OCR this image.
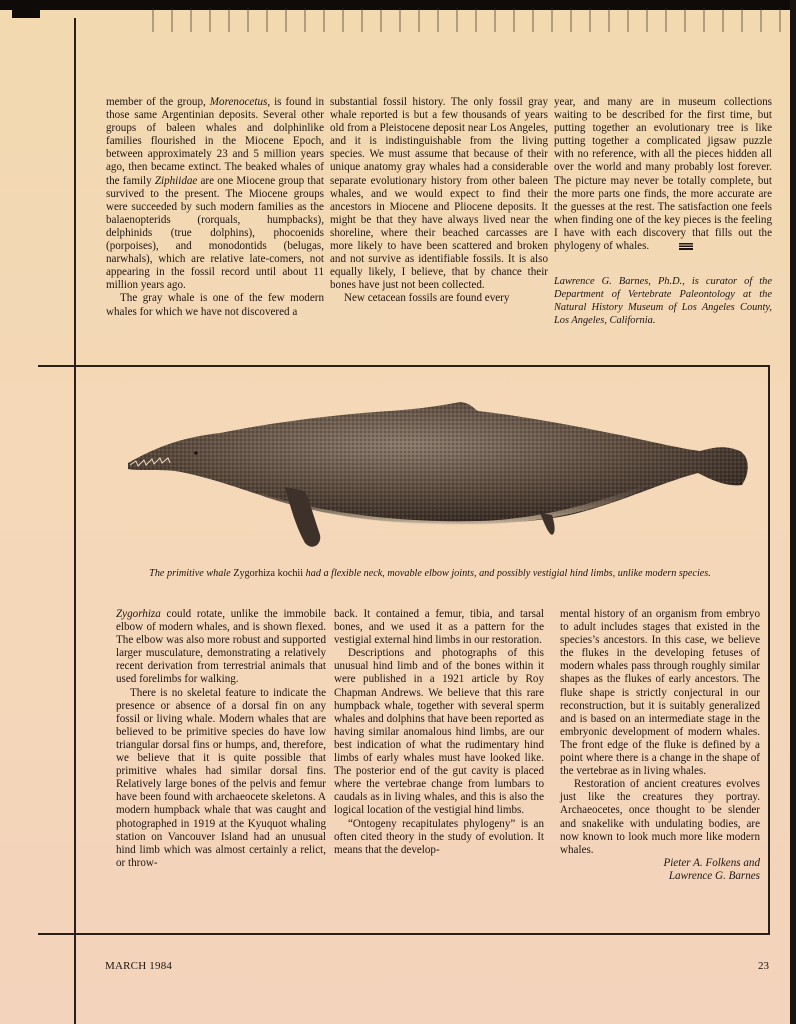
member of the group, Morenocetus, is found in those same Argentinian deposits. Several other groups of baleen whales and dolphinlike families flourished in the Miocene Epoch, between approximately 23 and 5 million years ago, then became extinct. The beaked whales of the family Ziphiidae are one Miocene group that survived to the present. The Miocene groups were succeeded by such modern families as the balaenopterids (rorquals, humpbacks), delphinids (true dolphins), phocoenids (porpoises), and monodontids (belugas, narwhals), which are relative late-comers, not appearing in the fossil record until about 11 million years ago.

The gray whale is one of the few modern whales for which we have not discovered a

substantial fossil history. The only fossil gray whale reported is but a few thousands of years old from a Pleistocene deposit near Los Angeles, and it is indistinguishable from the living species. We must assume that because of their unique anatomy gray whales had a considerable separate evolutionary history from other baleen whales, and we would expect to find their ancestors in Miocene and Pliocene deposits. It might be that they have always lived near the shoreline, where their beached carcasses are more likely to have been scattered and broken and not survive as identifiable fossils. It is also equally likely, I believe, that by chance their bones have just not been collected.

New cetacean fossils are found every

year, and many are in museum collections waiting to be described for the first time, but putting together an evolutionary tree is like putting together a complicated jigsaw puzzle with no reference, with all the pieces hidden all over the world and many probably lost forever. The picture may never be totally complete, but the more parts one finds, the more accurate are the guesses at the rest. The satisfaction one feels when finding one of the key pieces is the feeling I have with each discovery that fills out the phylogeny of whales.

Lawrence G. Barnes, Ph.D., is curator of the Department of Vertebrate Paleontology at the Natural History Museum of Los Angeles County, Los Angeles, California.
The primitive whale Zygorhiza kochii had a flexible neck, movable elbow joints, and possibly vestigial hind limbs, unlike modern species.

Zygorhiza could rotate, unlike the immobile elbow of modern whales, and is shown flexed. The elbow was also more robust and supported larger musculature, demonstrating a relatively recent derivation from terrestrial animals that used forelimbs for walking.

There is no skeletal feature to indicate the presence or absence of a dorsal fin on any fossil or living whale. Modern whales that are believed to be primitive species do have low triangular dorsal fins or humps, and, therefore, we believe that it is quite possible that primitive whales had similar dorsal fins. Relatively large bones of the pelvis and femur have been found with archaeocete skeletons. A modern humpback whale that was caught and photographed in 1919 at the Kyuquot whaling station on Vancouver Island had an unusual hind limb which was almost certainly a relict, or throw-

back. It contained a femur, tibia, and tarsal bones, and we used it as a pattern for the vestigial external hind limbs in our restoration.

Descriptions and photographs of this unusual hind limb and of the bones within it were published in a 1921 article by Roy Chapman Andrews. We believe that this rare humpback whale, together with several sperm whales and dolphins that have been reported as having similar anomalous hind limbs, are our best indication of what the rudimentary hind limbs of early whales must have looked like. The posterior end of the gut cavity is placed where the vertebrae change from lumbars to caudals as in living whales, and this is also the logical location of the vestigial hind limbs.

“Ontogeny recapitulates phylogeny” is an often cited theory in the study of evolution. It means that the develop-

mental history of an organism from embryo to adult includes stages that existed in the species’s ancestors. In this case, we believe the flukes in the developing fetuses of modern whales pass through roughly similar shapes as the flukes of early ancestors. The fluke shape is strictly conjectural in our reconstruction, but it is suitably generalized and is based on an intermediate stage in the embryonic development of modern whales. The front edge of the fluke is defined by a point where there is a change in the shape of the vertebrae as in living whales.

Restoration of ancient creatures evolves just like the creatures they portray. Archaeocetes, once thought to be slender and snakelike with undulating bodies, are now known to look much more like modern whales.

Pieter A. Folkens and
Lawrence G. Barnes
MARCH 1984	23
